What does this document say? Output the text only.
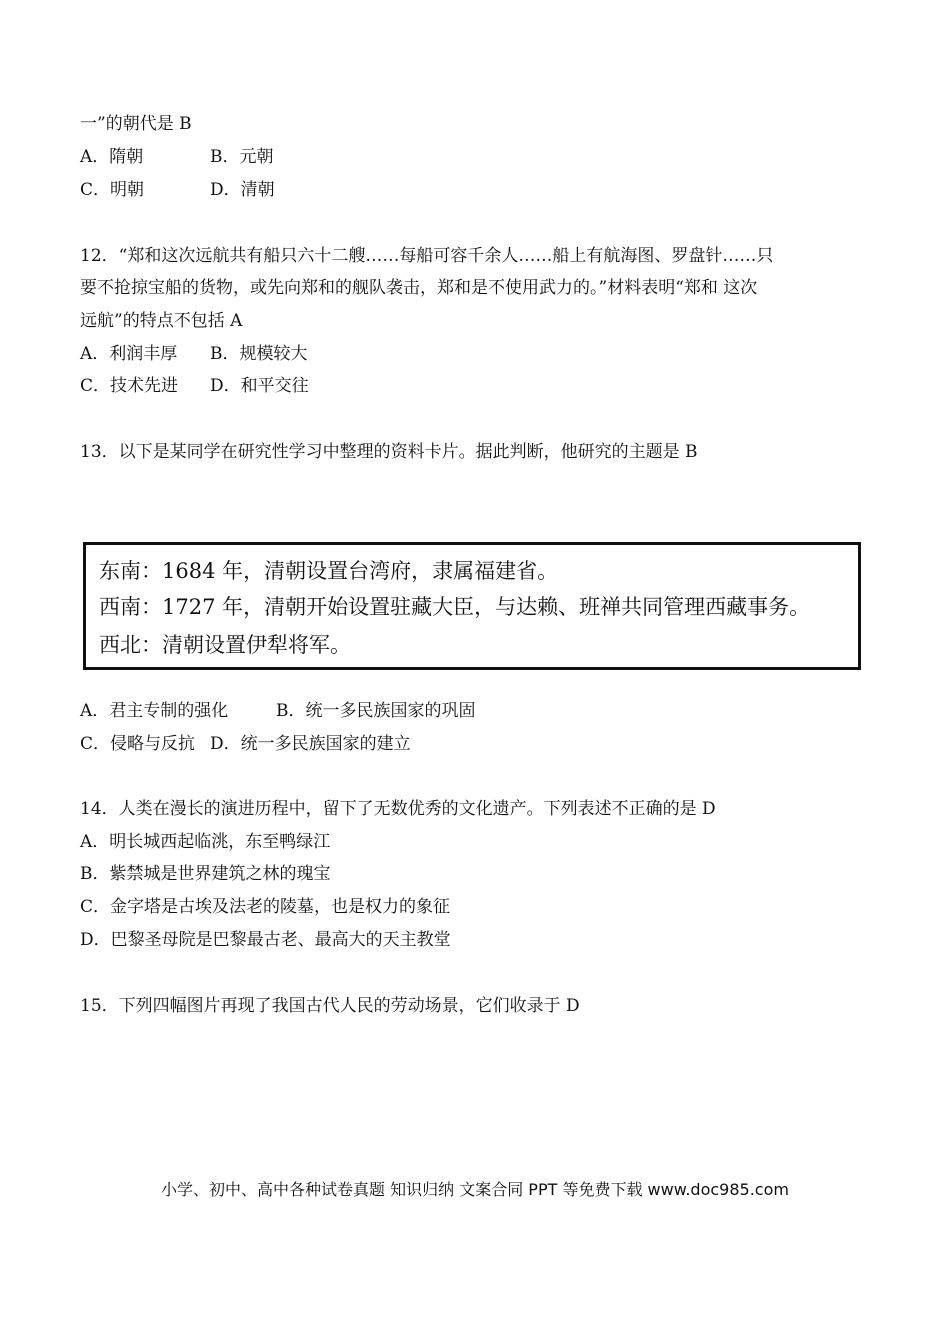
一”的朝代是 B
A．隋朝	B．元朝
C．明朝	D．清朝
12．“郑和这次远航共有船只六十二艘……每船可容千余人……船上有航海图、罗盘针……只
要不抢掠宝船的货物，或先向郑和的舰队袭击，郑和是不使用武力的。”材料表明“郑和 这次
远航”的特点不包括 A
A．利润丰厚 B．规模较大
C．技术先进 D．和平交往
13．以下是某同学在研究性学习中整理的资料卡片。据此判断，他研究的主题是 B
东南：1684 年，清朝设置台湾府，隶属福建省。
西南：1727 年，清朝开始设置驻藏大臣，与达赖、班禅共同管理西藏事务。
西北：清朝设置伊犁将军。
A．君主专制的强化	B．统一多民族国家的巩固
C．侵略与反抗 D．统一多民族国家的建立
14．人类在漫长的演进历程中，留下了无数优秀的文化遗产。下列表述不正确的是 D
A．明长城西起临洮，东至鸭绿江
B．紫禁城是世界建筑之林的瑰宝
C．金字塔是古埃及法老的陵墓，也是权力的象征
D．巴黎圣母院是巴黎最古老、最高大的天主教堂
15．下列四幅图片再现了我国古代人民的劳动场景，它们收录于 D
小学、初中、高中各种试卷真题 知识归纳 文案合同 PPT 等免费下载 www.doc985.com
